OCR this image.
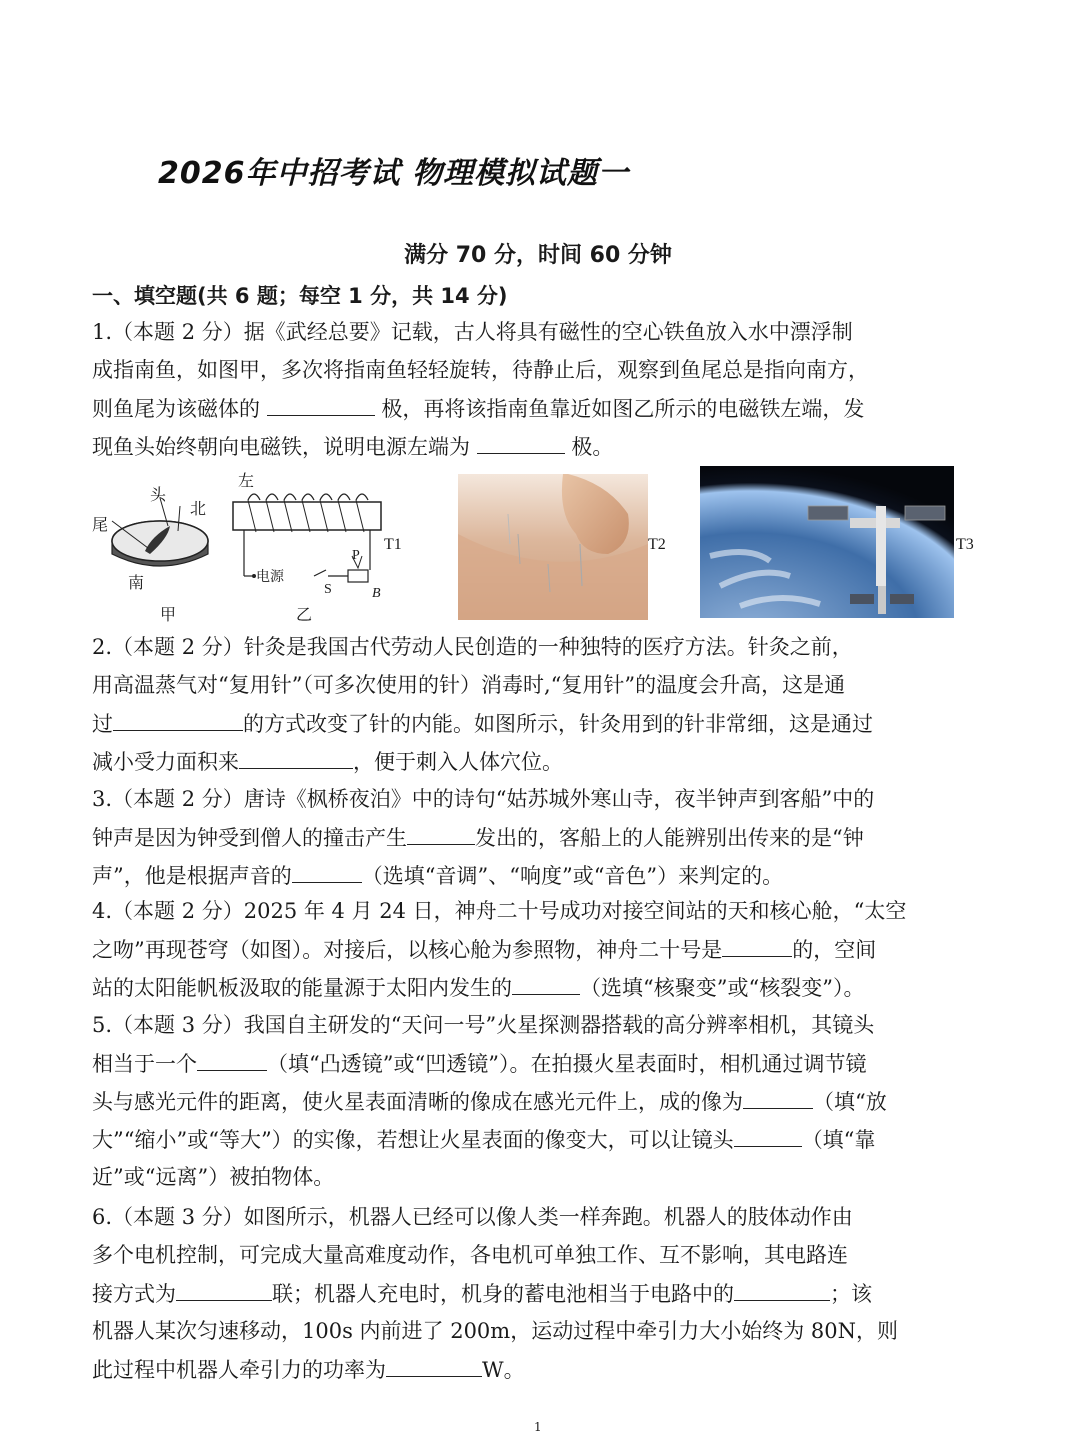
2026年中招考试 物理模拟试题一
满分 70 分，时间 60 分钟
一、填空题(共 6 题；每空 1 分，共 14 分)
1.（本题 2 分）据《武经总要》记载，古人将具有磁性的空心铁鱼放入水中漂浮制
成指南鱼，如图甲，多次将指南鱼轻轻旋转，待静止后，观察到鱼尾总是指向南方，
则鱼尾为该磁体的	极，再将该指南鱼靠近如图乙所示的电磁铁左端，发
现鱼头始终朝向电磁铁，说明电源左端为	极。
头
北
尾
南
甲
左
电源
P
S	B
乙
T1	T2	T3
2.（本题 2 分）针灸是我国古代劳动人民创造的一种独特的医疗方法。针灸之前，
用高温蒸气对“复用针”（可多次使用的针）消毒时,“复用针”的温度会升高，这是通
过	的方式改变了针的内能。如图所示，针灸用到的针非常细，这是通过
减小受力面积来	，便于刺入人体穴位。
3.（本题 2 分）唐诗《枫桥夜泊》中的诗句“姑苏城外寒山寺，夜半钟声到客船”中的
钟声是因为钟受到僧人的撞击产生	发出的，客船上的人能辨别出传来的是“钟
声”，他是根据声音的	（选填“音调”、“响度”或“音色”）来判定的。
4.（本题 2 分）2025 年 4 月 24 日，神舟二十号成功对接空间站的天和核心舱，“太空
之吻”再现苍穹（如图）。对接后，以核心舱为参照物，神舟二十号是	的，空间
站的太阳能帆板汲取的能量源于太阳内发生的	（选填“核聚变”或“核裂变”）。
5.（本题 3 分）我国自主研发的“天问一号”火星探测器搭载的高分辨率相机，其镜头
相当于一个	（填“凸透镜”或“凹透镜”）。在拍摄火星表面时，相机通过调节镜
头与感光元件的距离，使火星表面清晰的像成在感光元件上，成的像为	（填“放
大”“缩小”或“等大”）的实像，若想让火星表面的像变大，可以让镜头	（填“靠
近”或“远离”）被拍物体。
6.（本题 3 分）如图所示，机器人已经可以像人类一样奔跑。机器人的肢体动作由
多个电机控制，可完成大量高难度动作，各电机可单独工作、互不影响，其电路连
接方式为	联；机器人充电时，机身的蓄电池相当于电路中的	；该
机器人某次匀速移动，100s 内前进了 200m，运动过程中牵引力大小始终为 80N，则
此过程中机器人牵引力的功率为	W。
1
